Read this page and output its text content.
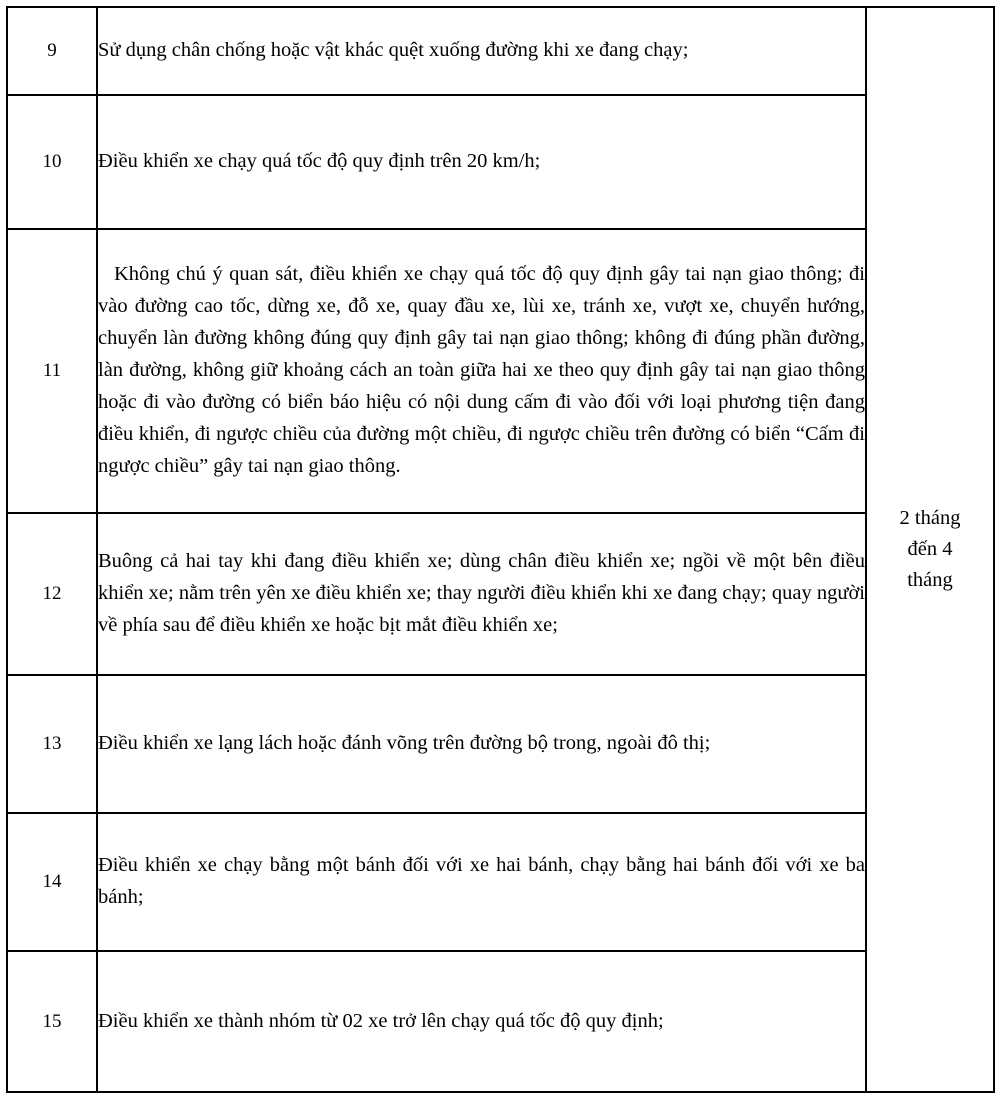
9	Sử dụng chân chống hoặc vật khác quệt xuống đường khi xe đang chạy;	2 tháng
đến 4
tháng

10	Điều khiển xe chạy quá tốc độ quy định trên 20 km/h;	

11	Không chú ý quan sát, điều khiển xe chạy quá tốc độ quy định gây tai nạn giao thông; đi vào đường cao tốc, dừng xe, đỗ xe, quay đầu xe, lùi xe, tránh xe, vượt xe, chuyển hướng, chuyển làn đường không đúng quy định gây tai nạn giao thông; không đi đúng phần đường, làn đường, không giữ khoảng cách an toàn giữa hai xe theo quy định gây tai nạn giao thông hoặc đi vào đường có biển báo hiệu có nội dung cấm đi vào đối với loại phương tiện đang điều khiển, đi ngược chiều của đường một chiều, đi ngược chiều trên đường có biển “Cấm đi ngược chiều” gây tai nạn giao thông.	

12	Buông cả hai tay khi đang điều khiển xe; dùng chân điều khiển xe; ngồi về một bên điều khiển xe; nằm trên yên xe điều khiển xe; thay người điều khiển khi xe đang chạy; quay người về phía sau để điều khiển xe hoặc bịt mắt điều khiển xe;	

13	Điều khiển xe lạng lách hoặc đánh võng trên đường bộ trong, ngoài đô thị;	

14	Điều khiển xe chạy bằng một bánh đối với xe hai bánh, chạy bằng hai bánh đối với xe ba bánh;	

15	Điều khiển xe thành nhóm từ 02 xe trở lên chạy quá tốc độ quy định;	
